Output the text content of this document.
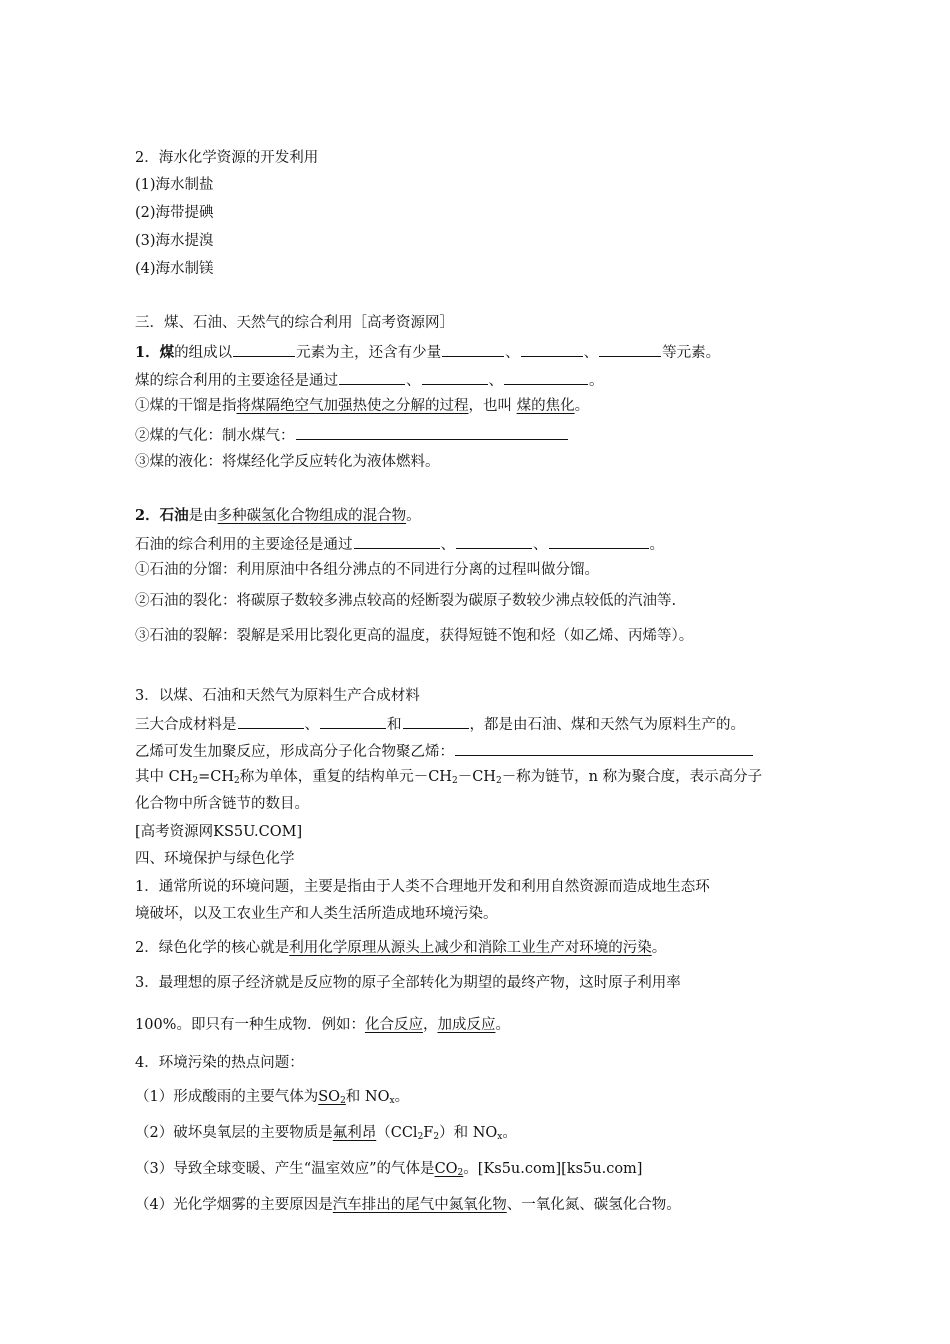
2．海水化学资源的开发利用
(1)海水制盐
(2)海带提碘
(3)海水提溴
(4)海水制镁
三．煤、石油、天然气的综合利用［高考资源网］
1．煤的组成以	元素为主，还含有少量	、	、	等元素。
煤的综合利用的主要途径是通过	、	、	。
①煤的干馏是指将煤隔绝空气加强热使之分解的过程，也叫 煤的焦化。
②煤的气化：制水煤气：
③煤的液化：将煤经化学反应转化为液体燃料。
2．石油是由多种碳氢化合物组成的混合物。
石油的综合利用的主要途径是通过	、	、	。
①石油的分馏：利用原油中各组分沸点的不同进行分离的过程叫做分馏。
②石油的裂化：将碳原子数较多沸点较高的烃断裂为碳原子数较少沸点较低的汽油等.
③石油的裂解：裂解是采用比裂化更高的温度，获得短链不饱和烃（如乙烯、丙烯等）。
3．以煤、石油和天然气为原料生产合成材料
三大合成材料是	、	和	，都是由石油、煤和天然气为原料生产的。
乙烯可发生加聚反应，形成高分子化合物聚乙烯：
其中 $CH_2=CH_2$称为单体，重复的结构单元$-CH_2-CH_2-$称为链节，n 称为聚合度，表示高分子
化合物中所含链节的数目。
[高考资源网KS5U.COM]
四、环境保护与绿色化学
1．通常所说的环境问题，主要是指由于人类不合理地开发和利用自然资源而造成地生态环
境破坏，以及工农业生产和人类生活所造成地环境污染。
2．绿色化学的核心就是利用化学原理从源头上减少和消除工业生产对环境的污染。
3．最理想的原子经济就是反应物的原子全部转化为期望的最终产物，这时原子利用率
100%。即只有一种生成物．例如：化合反应，加成反应。
4．环境污染的热点问题：
（1）形成酸雨的主要气体为$SO_2$和 $NO_x$。
（2）破坏臭氧层的主要物质是氟利昂$(CCl_2F_2)$和 $NO_x$。
（3）导致全球变暖、产生“温室效应”的气体是$CO_2$。[Ks5u.com][ks5u.com]
（4）光化学烟雾的主要原因是汽车排出的尾气中氮氧化物、一氧化氮、碳氢化合物。
